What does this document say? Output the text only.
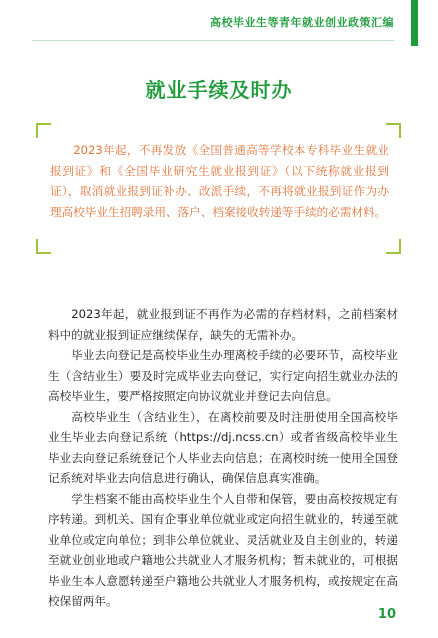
高校毕业生等青年就业创业政策汇编
就业手续及时办

2023年起，不再发放《全国普通高等学校本专科毕业生就业报到证》和《全国毕业研究生就业报到证》（以下统称就业报到证），取消就业报到证补办、改派手续，不再将就业报到证作为办理高校毕业生招聘录用、落户、档案接收转递等手续的必需材料。

2023年起，就业报到证不再作为必需的存档材料，之前档案材料中的就业报到证应继续保存，缺失的无需补办。

毕业去向登记是高校毕业生办理离校手续的必要环节，高校毕业生（含结业生）要及时完成毕业去向登记，实行定向招生就业办法的高校毕业生，要严格按照定向协议就业并登记去向信息。

高校毕业生（含结业生），在离校前要及时注册使用全国高校毕业生毕业去向登记系统（https://dj.ncss.cn）或者省级高校毕业生毕业去向登记系统登记个人毕业去向信息；在离校时统一使用全国登记系统对毕业去向信息进行确认，确保信息真实准确。

学生档案不能由高校毕业生个人自带和保管，要由高校按规定有序转递。到机关、国有企事业单位就业或定向招生就业的，转递至就业单位或定向单位；到非公单位就业、灵活就业及自主创业的，转递至就业创业地或户籍地公共就业人才服务机构；暂未就业的，可根据毕业生本人意愿转递至户籍地公共就业人才服务机构，或按规定在高校保留两年。

10
